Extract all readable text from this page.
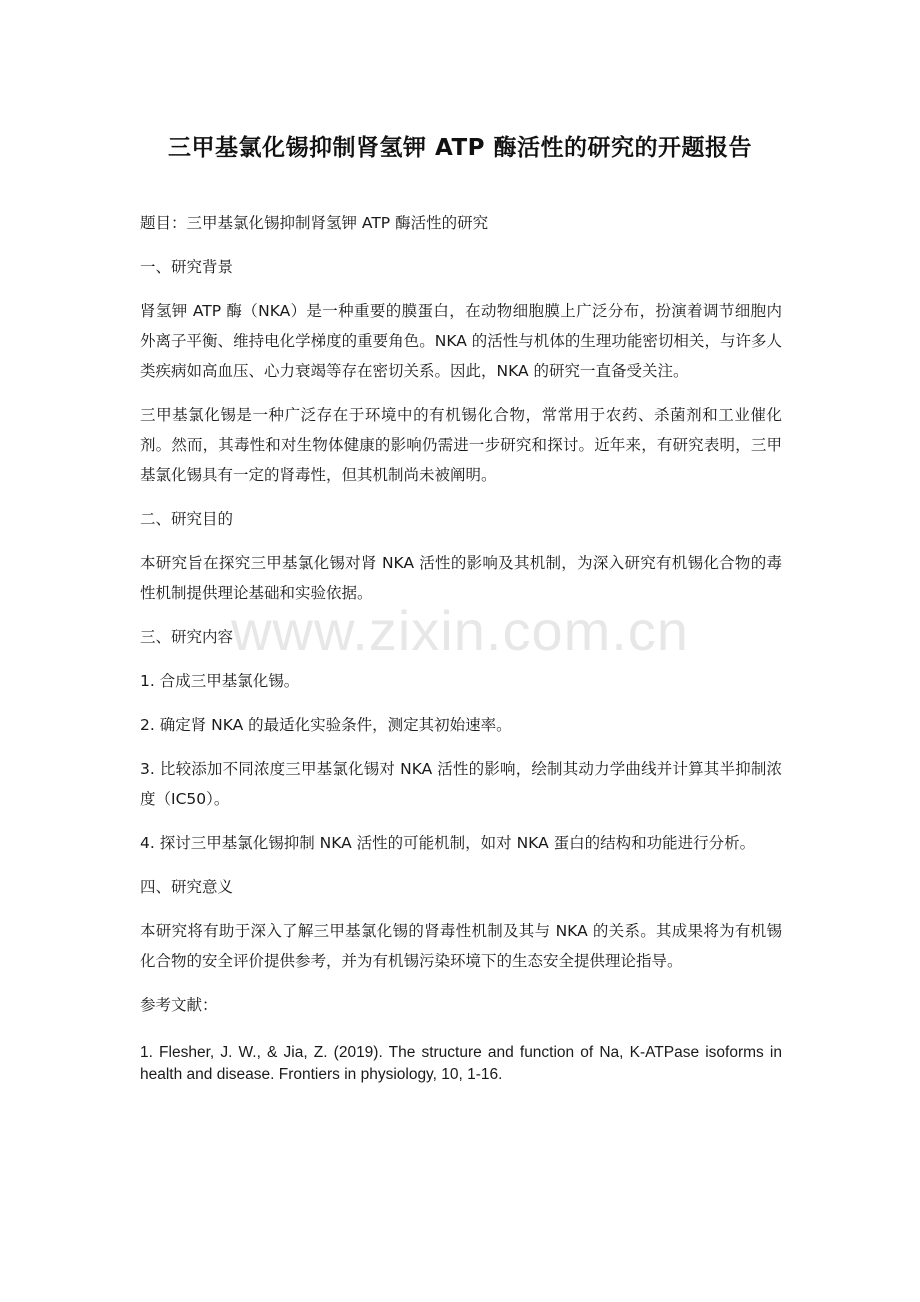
三甲基氯化锡抑制肾氢钾 ATP 酶活性的研究的开题报告

题目：三甲基氯化锡抑制肾氢钾 ATP 酶活性的研究

一、研究背景

肾氢钾 ATP 酶（NKA）是一种重要的膜蛋白，在动物细胞膜上广泛分布，扮演着调节细胞内外离子平衡、维持电化学梯度的重要角色。NKA 的活性与机体的生理功能密切相关，与许多人类疾病如高血压、心力衰竭等存在密切关系。因此，NKA 的研究一直备受关注。

三甲基氯化锡是一种广泛存在于环境中的有机锡化合物，常常用于农药、杀菌剂和工业催化剂。然而，其毒性和对生物体健康的影响仍需进一步研究和探讨。近年来，有研究表明，三甲基氯化锡具有一定的肾毒性，但其机制尚未被阐明。

二、研究目的

本研究旨在探究三甲基氯化锡对肾 NKA 活性的影响及其机制，为深入研究有机锡化合物的毒性机制提供理论基础和实验依据。

三、研究内容

1. 合成三甲基氯化锡。

2. 确定肾 NKA 的最适化实验条件，测定其初始速率。

3. 比较添加不同浓度三甲基氯化锡对 NKA 活性的影响，绘制其动力学曲线并计算其半抑制浓度（IC50）。

4. 探讨三甲基氯化锡抑制 NKA 活性的可能机制，如对 NKA 蛋白的结构和功能进行分析。

四、研究意义

本研究将有助于深入了解三甲基氯化锡的肾毒性机制及其与 NKA 的关系。其成果将为有机锡化合物的安全评价提供参考，并为有机锡污染环境下的生态安全提供理论指导。

参考文献：

1. Flesher, J. W., & Jia, Z. (2019). The structure and function of Na, K-ATPase isoforms in health and disease. Frontiers in physiology, 10, 1-16.

www.zixin.com.cn
